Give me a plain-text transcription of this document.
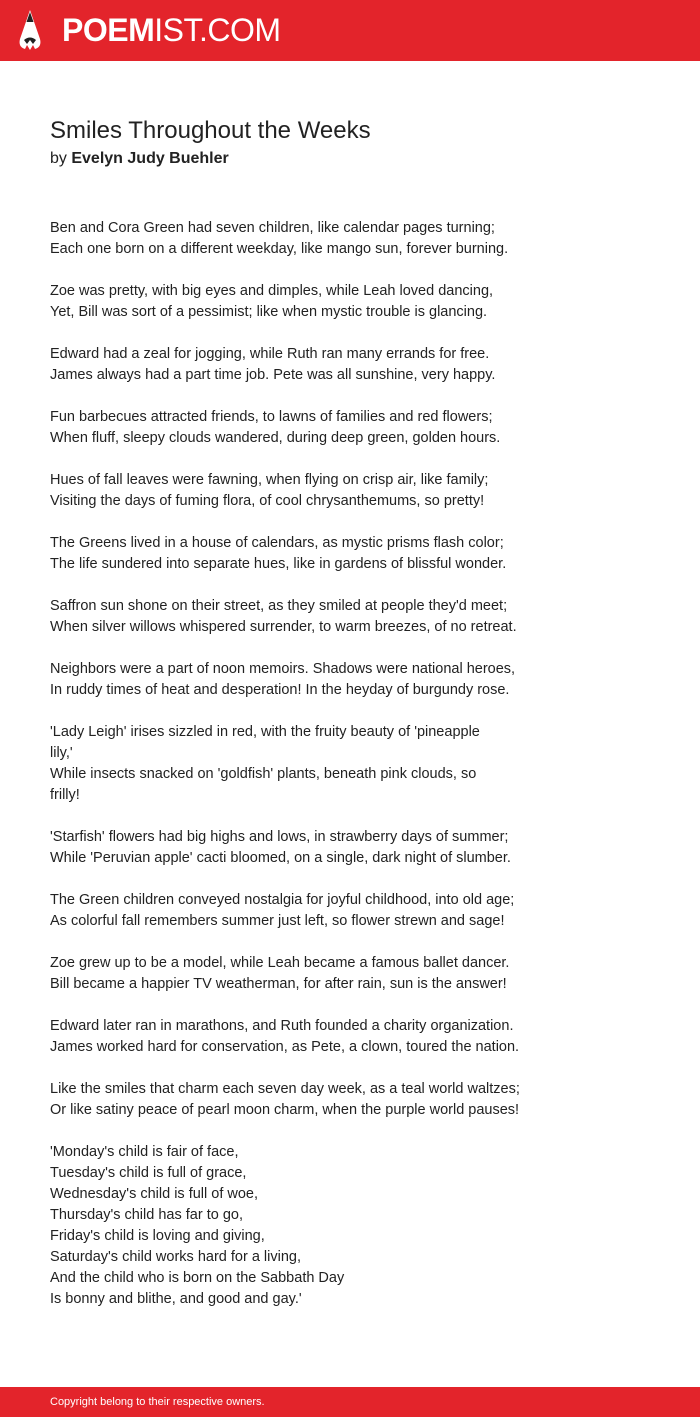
POEMIST.COM
Smiles Throughout the Weeks
by Evelyn Judy Buehler
Ben and Cora Green had seven children, like calendar pages turning;
Each one born on a different weekday, like mango sun, forever burning.
Zoe was pretty, with big eyes and dimples, while Leah loved dancing,
Yet, Bill was sort of a pessimist; like when mystic trouble is glancing.
Edward had a zeal for jogging, while Ruth ran many errands for free.
James always had a part time job. Pete was all sunshine, very happy.
Fun barbecues attracted friends, to lawns of families and red flowers;
When fluff, sleepy clouds wandered, during deep green, golden hours.
Hues of fall leaves were fawning, when flying on crisp air, like family;
Visiting the days of fuming flora, of cool chrysanthemums, so pretty!
The Greens lived in a house of calendars, as mystic prisms flash color;
The life sundered into separate hues, like in gardens of blissful wonder.
Saffron sun shone on their street, as they smiled at people they'd meet;
When silver willows whispered surrender, to warm breezes, of no retreat.
Neighbors were a part of noon memoirs. Shadows were national heroes,
In ruddy times of heat and desperation! In the heyday of burgundy rose.
'Lady Leigh' irises sizzled in red, with the fruity beauty of 'pineapple
lily,'
While insects snacked on 'goldfish' plants, beneath pink clouds, so
frilly!
'Starfish' flowers had big highs and lows, in strawberry days of summer;
While 'Peruvian apple' cacti bloomed, on a single, dark night of slumber.
The Green children conveyed nostalgia for joyful childhood, into old age;
As colorful fall remembers summer just left, so flower strewn and sage!
Zoe grew up to be a model, while Leah became a famous ballet dancer.
Bill became a happier TV weatherman, for after rain, sun is the answer!
Edward later ran in marathons, and Ruth founded a charity organization.
James worked hard for conservation, as Pete, a clown, toured the nation.
Like the smiles that charm each seven day week, as a teal world waltzes;
Or like satiny peace of pearl moon charm, when the purple world pauses!
'Monday's child is fair of face,
Tuesday's child is full of grace,
Wednesday's child is full of woe,
Thursday's child has far to go,
Friday's child is loving and giving,
Saturday's child works hard for a living,
And the child who is born on the Sabbath Day
Is bonny and blithe, and good and gay.'
Copyright belong to their respective owners.
